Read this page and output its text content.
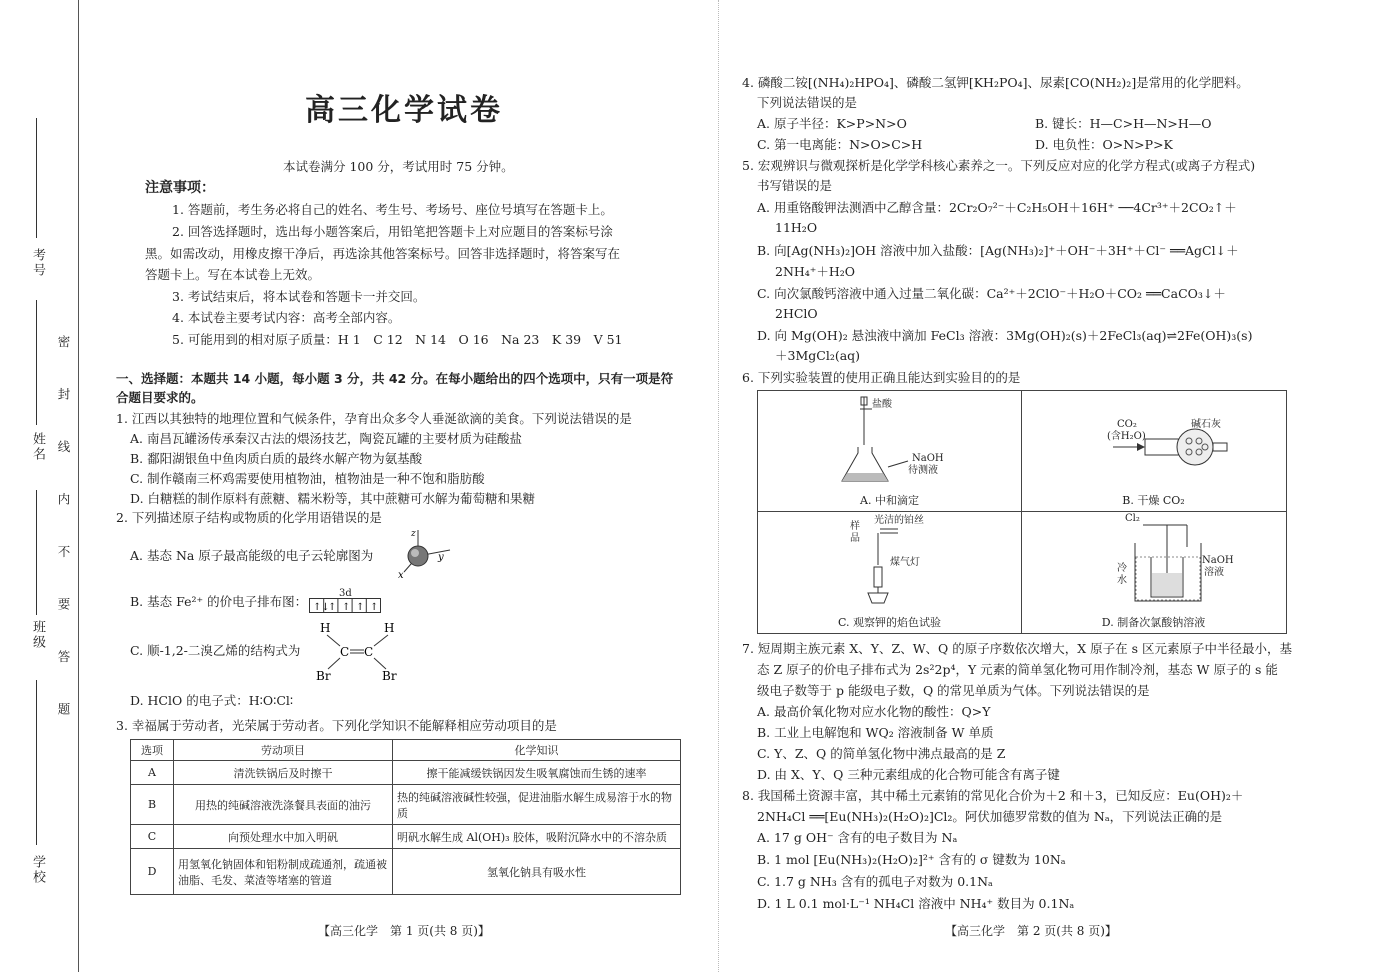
考号
姓名
班级
学校
密封线内不要答题
高三化学试卷
本试卷满分 100 分，考试用时 75 分钟。
注意事项：
1. 答题前，考生务必将自己的姓名、考生号、考场号、座位号填写在答题卡上。
2. 回答选择题时，选出每小题答案后，用铅笔把答题卡上对应题目的答案标号涂
黑。如需改动，用橡皮擦干净后，再选涂其他答案标号。回答非选择题时，将答案写在
答题卡上。写在本试卷上无效。
3. 考试结束后，将本试卷和答题卡一并交回。
4. 本试卷主要考试内容：高考全部内容。
5. 可能用到的相对原子质量：H 1　C 12　N 14　O 16　Na 23　K 39　V 51
一、选择题：本题共 14 小题，每小题 3 分，共 42 分。在每小题给出的四个选项中，只有一项是符
合题目要求的。
1. 江西以其独特的地理位置和气候条件，孕育出众多令人垂涎欲滴的美食。下列说法错误的是
A. 南昌瓦罐汤传承秦汉古法的煨汤技艺，陶瓷瓦罐的主要材质为硅酸盐
B. 鄱阳湖银鱼中鱼肉质白质的最终水解产物为氨基酸
C. 制作赣南三杯鸡需要使用植物油，植物油是一种不饱和脂肪酸
D. 白糖糕的制作原料有蔗糖、糯米粉等，其中蔗糖可水解为葡萄糖和果糖
2. 下列描述原子结构或物质的化学用语错误的是
A. 基态 Na 原子最高能级的电子云轮廓图为	y
z
x
B. 基态 Fe²⁺ 的价电子排布图：
3d
↑↓
↑ ↑ ↑ ↑
C. 顺-1,2-二溴乙烯的结构式为
H	H
C C
Br	Br
D. HClO 的电子式：H∶O∶Cl∶
3. 幸福属于劳动者，光荣属于劳动者。下列化学知识不能解释相应劳动项目的是
选项	劳动项目	化学知识
A	清洗铁锅后及时擦干	擦干能减缓铁锅因发生吸氧腐蚀而生锈的速率
B	用热的纯碱溶液洗涤餐具表面的油污	热的纯碱溶液碱性较强，促进油脂水解生成易溶于水的物质
C	向预处理水中加入明矾	明矾水解生成 Al(OH)₃ 胶体，吸附沉降水中的不溶杂质
D	用氢氧化钠固体和铝粉制成疏通剂，疏通被油脂、毛发、菜渣等堵塞的管道	氢氧化钠具有吸水性
【高三化学　第 1 页(共 8 页)】
4. 磷酸二铵[(NH₄)₂HPO₄]、磷酸二氢钾[KH₂PO₄]、尿素[CO(NH₂)₂]是常用的化学肥料。
下列说法错误的是
A. 原子半径：K>P>N>O	B. 键长：H—C>H—N>H—O
C. 第一电离能：N>O>C>H	D. 电负性：O>N>P>K
5. 宏观辨识与微观探析是化学学科核心素养之一。下列反应对应的化学方程式(或离子方程式)
书写错误的是
A. 用重铬酸钾法测酒中乙醇含量：2Cr₂O₇²⁻＋C₂H₅OH＋16H⁺ ──4Cr³⁺＋2CO₂↑＋
11H₂O
B. 向[Ag(NH₃)₂]OH 溶液中加入盐酸：[Ag(NH₃)₂]⁺＋OH⁻＋3H⁺＋Cl⁻ ══AgCl↓＋
2NH₄⁺＋H₂O
C. 向次氯酸钙溶液中通入过量二氧化碳：Ca²⁺＋2ClO⁻＋H₂O＋CO₂ ══CaCO₃↓＋
2HClO
D. 向 Mg(OH)₂ 悬浊液中滴加 FeCl₃ 溶液：3Mg(OH)₂(s)＋2FeCl₃(aq)⇌2Fe(OH)₃(s)
＋3MgCl₂(aq)
6. 下列实验装置的使用正确且能达到实验目的的是
盐酸
NaOH
待测液
A. 中和滴定
CO₂
(含H₂O)
碱石灰
B. 干燥 CO₂
光洁的铂丝
样
品
煤气灯
C. 观察钾的焰色试验
Cl₂
NaOH
溶液
冷
水
D. 制备次氯酸钠溶液
7. 短周期主族元素 X、Y、Z、W、Q 的原子序数依次增大，X 原子在 s 区元素原子中半径最小，基
态 Z 原子的价电子排布式为 2s²2p⁴，Y 元素的简单氢化物可用作制冷剂，基态 W 原子的 s 能
级电子数等于 p 能级电子数，Q 的常见单质为气体。下列说法错误的是
A. 最高价氧化物对应水化物的酸性：Q>Y
B. 工业上电解饱和 WQ₂ 溶液制备 W 单质
C. Y、Z、Q 的简单氢化物中沸点最高的是 Z
D. 由 X、Y、Q 三种元素组成的化合物可能含有离子键
8. 我国稀土资源丰富，其中稀土元素铕的常见化合价为＋2 和＋3，已知反应：Eu(OH)₂＋
2NH₄Cl ══[Eu(NH₃)₂(H₂O)₂]Cl₂。阿伏加德罗常数的值为 Nₐ，下列说法正确的是
A. 17 g OH⁻ 含有的电子数目为 Nₐ
B. 1 mol [Eu(NH₃)₂(H₂O)₂]²⁺ 含有的 σ 键数为 10Nₐ
C. 1.7 g NH₃ 含有的孤电子对数为 0.1Nₐ
D. 1 L 0.1 mol·L⁻¹ NH₄Cl 溶液中 NH₄⁺ 数目为 0.1Nₐ
【高三化学　第 2 页(共 8 页)】
